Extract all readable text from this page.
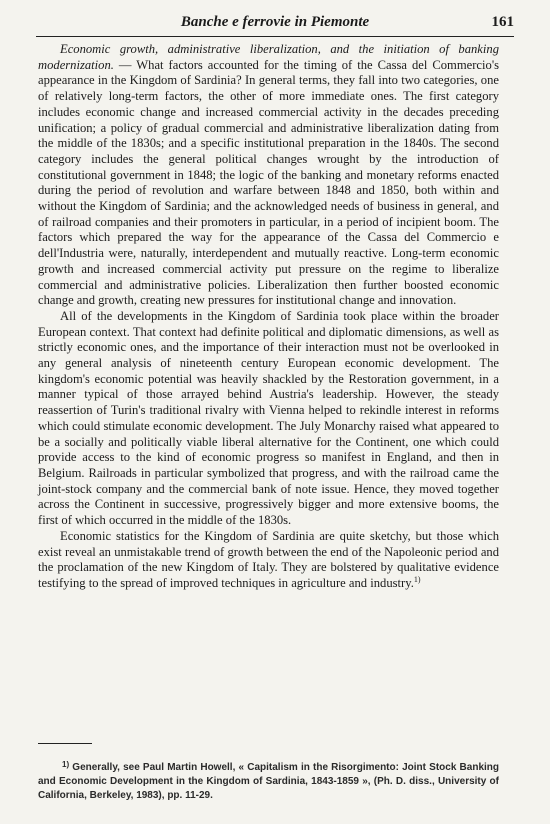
Banche e ferrovie in Piemonte	161

Economic growth, administrative liberalization, and the initiation of banking modernization. — What factors accounted for the timing of the Cassa del Commercio's appearance in the Kingdom of Sardinia? In general terms, they fall into two categories, one of relatively long-term factors, the other of more immediate ones. The first category includes economic change and increased commercial activity in the decades preceding unification; a policy of gradual commercial and administrative liberalization dating from the middle of the 1830s; and a specific institutional preparation in the 1840s. The second category includes the general political changes wrought by the introduction of constitutional government in 1848; the logic of the banking and monetary reforms enacted during the period of revolution and warfare between 1848 and 1850, both within and without the Kingdom of Sardinia; and the acknowledged needs of business in general, and of railroad companies and their promoters in particular, in a period of incipient boom. The factors which prepared the way for the appearance of the Cassa del Commercio e dell'Industria were, naturally, interdependent and mutually reactive. Long-term economic growth and increased commercial activity put pressure on the regime to liberalize commercial and administrative policies. Liberalization then further boosted economic change and growth, creating new pressures for institutional change and innovation.

All of the developments in the Kingdom of Sardinia took place within the broader European context. That context had definite political and diplomatic dimensions, as well as strictly economic ones, and the importance of their interaction must not be overlooked in any general analysis of nineteenth century European economic development. The kingdom's economic potential was heavily shackled by the Restoration government, in a manner typical of those arrayed behind Austria's leadership. However, the steady reassertion of Turin's traditional rivalry with Vienna helped to rekindle interest in reforms which could stimulate economic development. The July Monarchy raised what appeared to be a socially and politically viable liberal alternative for the Continent, one which could provide access to the kind of economic progress so manifest in England, and then in Belgium. Railroads in particular symbolized that progress, and with the railroad came the joint-stock company and the commercial bank of note issue. Hence, they moved together across the Continent in successive, progressively bigger and more extensive booms, the first of which occurred in the middle of the 1830s.

Economic statistics for the Kingdom of Sardinia are quite sketchy, but those which exist reveal an unmistakable trend of growth between the end of the Napoleonic period and the proclamation of the new Kingdom of Italy. They are bolstered by qualitative evidence testifying to the spread of improved techniques in agriculture and industry.$^{1)}$

$^{1)}$ Generally, see Paul Martin Howell, « Capitalism in the Risorgimento: Joint Stock Banking and Economic Development in the Kingdom of Sardinia, 1843-1859 », (Ph. D. diss., University of California, Berkeley, 1983), pp. 11-29.
